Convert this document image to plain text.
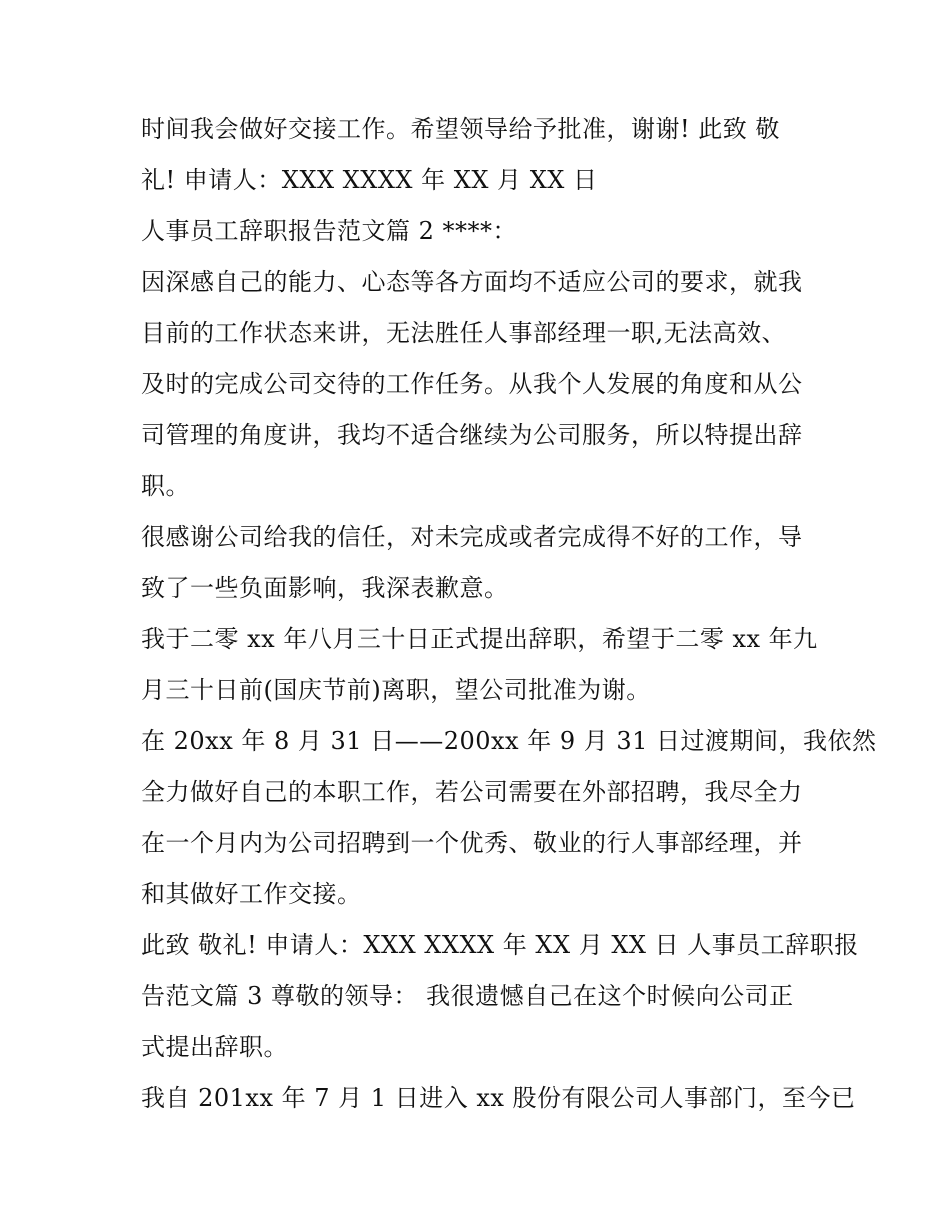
时间我会做好交接工作。希望领导给予批准，谢谢! 此致 敬
礼! 申请人：XXX XXXX 年 XX 月 XX 日
人事员工辞职报告范文篇 2 ****：
因深感自己的能力、心态等各方面均不适应公司的要求，就我
目前的工作状态来讲，无法胜任人事部经理一职,无法高效、
及时的完成公司交待的工作任务。从我个人发展的角度和从公
司管理的角度讲，我均不适合继续为公司服务，所以特提出辞
职。
很感谢公司给我的信任，对未完成或者完成得不好的工作，导
致了一些负面影响，我深表歉意。
我于二零 xx 年八月三十日正式提出辞职，希望于二零 xx 年九
月三十日前(国庆节前)离职，望公司批准为谢。
在 20xx 年 8 月 31 日——200xx 年 9 月 31 日过渡期间，我依然
全力做好自己的本职工作，若公司需要在外部招聘，我尽全力
在一个月内为公司招聘到一个优秀、敬业的行人事部经理，并
和其做好工作交接。
此致 敬礼! 申请人：XXX XXXX 年 XX 月 XX 日 人事员工辞职报
告范文篇 3 尊敬的领导： 我很遗憾自己在这个时候向公司正
式提出辞职。
我自 201xx 年 7 月 1 日进入 xx 股份有限公司人事部门，至今已
